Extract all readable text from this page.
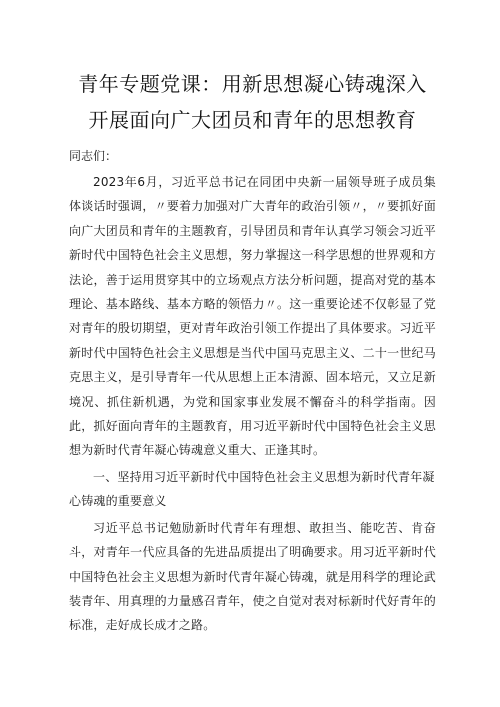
青年专题党课：用新思想凝心铸魂深入
开展面向广大团员和青年的思想教育

同志们：

2023年6月，习近平总书记在同团中央新一届领导班子成员集体谈话时强调，〃要着力加强对广大青年的政治引领〃，〃要抓好面向广大团员和青年的主题教育，引导团员和青年认真学习领会习近平新时代中国特色社会主义思想，努力掌握这一科学思想的世界观和方法论，善于运用贯穿其中的立场观点方法分析问题，提高对党的基本理论、基本路线、基本方略的领悟力〃。这一重要论述不仅彰显了党对青年的殷切期望，更对青年政治引领工作提出了具体要求。习近平新时代中国特色社会主义思想是当代中国马克思主义、二十一世纪马克思主义，是引导青年一代从思想上正本清源、固本培元，又立足新境况、抓住新机遇，为党和国家事业发展不懈奋斗的科学指南。因此，抓好面向青年的主题教育，用习近平新时代中国特色社会主义思想为新时代青年凝心铸魂意义重大、正逢其时。

一、坚持用习近平新时代中国特色社会主义思想为新时代青年凝心铸魂的重要意义

习近平总书记勉励新时代青年有理想、敢担当、能吃苦、肯奋斗，对青年一代应具备的先进品质提出了明确要求。用习近平新时代中国特色社会主义思想为新时代青年凝心铸魂，就是用科学的理论武装青年、用真理的力量感召青年，使之自觉对表对标新时代好青年的标准，走好成长成才之路。
